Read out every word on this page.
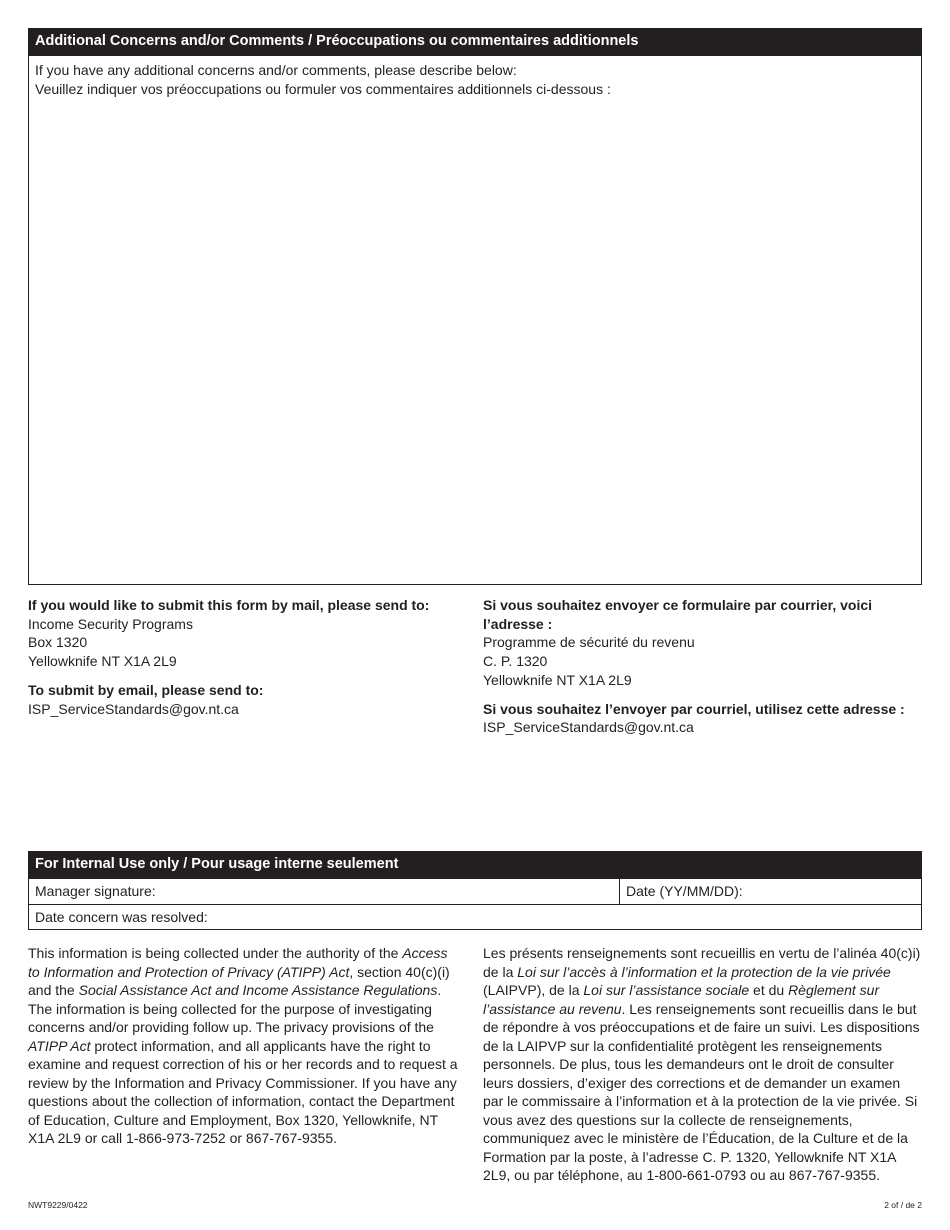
Additional Concerns and/or Comments / Préoccupations ou commentaires additionnels
If you have any additional concerns and/or comments, please describe below:
Veuillez indiquer vos préoccupations ou formuler vos commentaires additionnels ci-dessous :
If you would like to submit this form by mail, please send to:
Income Security Programs
Box 1320
Yellowknife NT X1A 2L9
To submit by email, please send to:
ISP_ServiceStandards@gov.nt.ca
Si vous souhaitez envoyer ce formulaire par courrier, voici l’adresse :
Programme de sécurité du revenu
C. P. 1320
Yellowknife NT X1A 2L9
Si vous souhaitez l’envoyer par courriel, utilisez cette adresse :
ISP_ServiceStandards@gov.nt.ca
For Internal Use only / Pour usage interne seulement
Manager signature:	Date (YY/MM/DD):
Date concern was resolved:
This information is being collected under the authority of the Access to Information and Protection of Privacy (ATIPP) Act, section 40(c)(i) and the Social Assistance Act and Income Assistance Regulations. The information is being collected for the purpose of investigating concerns and/or providing follow up. The privacy provisions of the ATIPP Act protect information, and all applicants have the right to examine and request correction of his or her records and to request a review by the Information and Privacy Commissioner. If you have any questions about the collection of information, contact the Department of Education, Culture and Employment, Box 1320, Yellowknife, NT X1A 2L9 or call 1-866-973-7252 or 867-767-9355.
Les présents renseignements sont recueillis en vertu de l’alinéa 40(c)i) de la Loi sur l’accès à l’information et la protection de la vie privée (LAIPVP), de la Loi sur l’assistance sociale et du Règlement sur l’assistance au revenu. Les renseignements sont recueillis dans le but de répondre à vos préoccupations et de faire un suivi. Les dispositions de la LAIPVP sur la confidentialité protègent les renseignements personnels. De plus, tous les demandeurs ont le droit de consulter leurs dossiers, d’exiger des corrections et de demander un examen par le commissaire à l’information et à la protection de la vie privée. Si vous avez des questions sur la collecte de renseignements, communiquez avec le ministère de l’Éducation, de la Culture et de la Formation par la poste, à l’adresse C. P. 1320, Yellowknife NT X1A 2L9, ou par téléphone, au 1-800-661-0793 ou au 867-767-9355.
NWT9229/0422	2 of / de 2
